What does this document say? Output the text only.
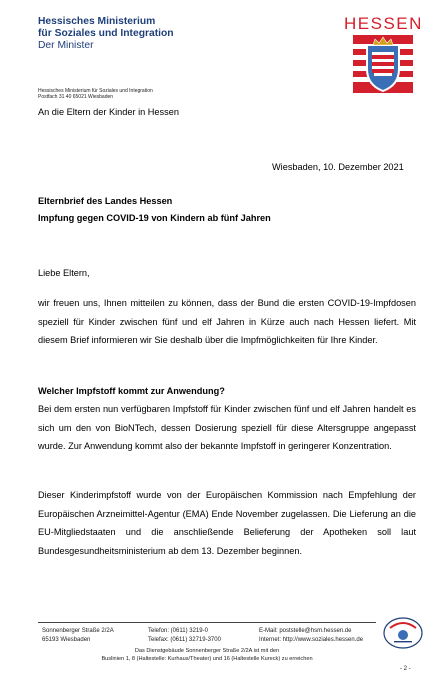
Hessisches Ministerium
für Soziales und Integration
Der Minister
HESSEN
Hessisches Ministerium für Soziales und Integration
Postfach 31 40 65021 Wiesbaden
An die Eltern der Kinder in Hessen
Wiesbaden, 10. Dezember 2021
Elternbrief des Landes Hessen
Impfung gegen COVID-19 von Kindern ab fünf Jahren
Liebe Eltern,
wir freuen uns, Ihnen mitteilen zu können, dass der Bund die ersten COVID-19-Impfdosen speziell für Kinder zwischen fünf und elf Jahren in Kürze auch nach Hessen liefert. Mit diesem Brief informieren wir Sie deshalb über die Impfmöglichkeiten für Ihre Kinder.
Welcher Impfstoff kommt zur Anwendung?
Bei dem ersten nun verfügbaren Impfstoff für Kinder zwischen fünf und elf Jahren handelt es sich um den von BioNTech, dessen Dosierung speziell für diese Altersgruppe angepasst wurde. Zur Anwendung kommt also der bekannte Impfstoff in geringerer Konzentration.
Dieser Kinderimpfstoff wurde von der Europäischen Kommission nach Empfehlung der Europäischen Arzneimittel-Agentur (EMA) Ende November zugelassen. Die Lieferung an die EU-Mitgliedstaaten und die anschließende Belieferung der Apotheken soll laut Bundesgesundheitsministerium ab dem 13. Dezember beginnen.
Sonnenberger Straße 2/2A
65193 Wiesbaden
Telefon: (0611) 3219-0
Telefax: (0611) 32719-3700
E-Mail: poststelle@hsm.hessen.de
Internet: http://www.soziales.hessen.de
Das Dienstgebäude Sonnenberger Straße 2/2A ist mit den
Buslinien 1, 8 (Haltestelle: Kurhaus/Theater) und 16 (Haltestelle Kureck) zu erreichen
- 2 -
